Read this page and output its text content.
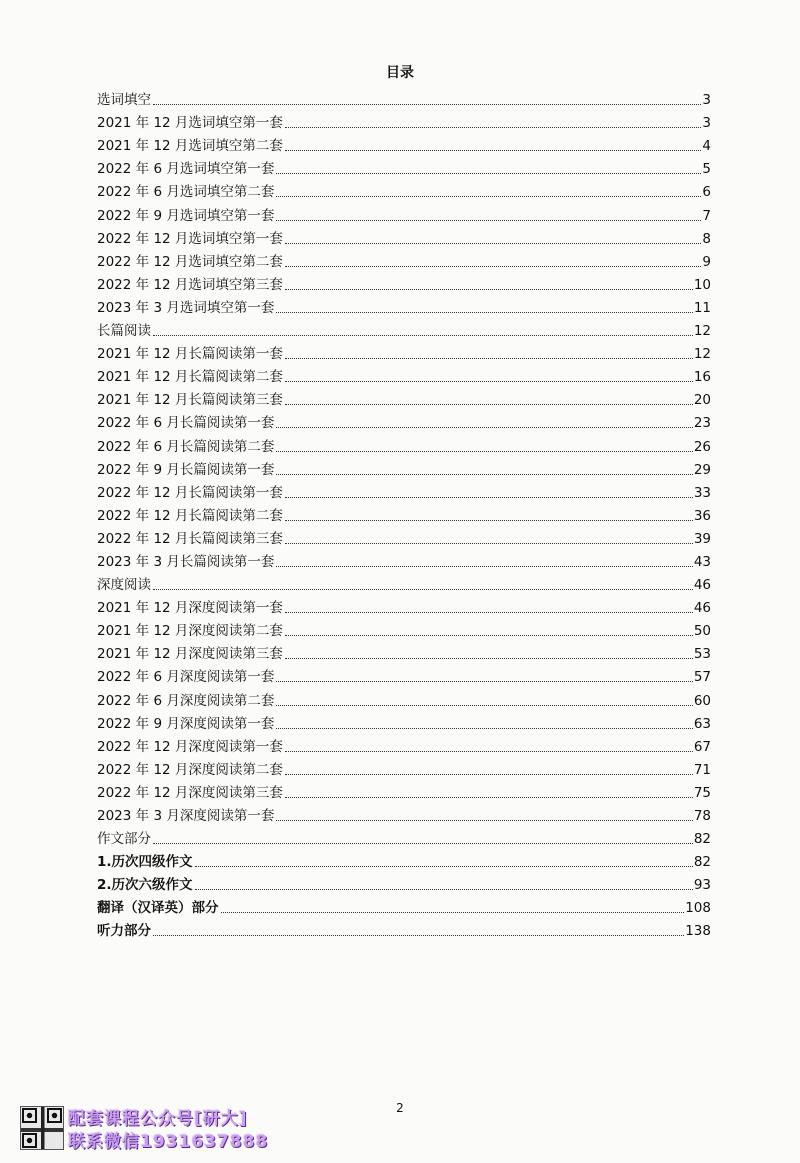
目录
选词填空	3
2021 年 12 月选词填空第一套	3
2021 年 12 月选词填空第二套	4
2022 年 6 月选词填空第一套	5
2022 年 6 月选词填空第二套	6
2022 年 9 月选词填空第一套	7
2022 年 12 月选词填空第一套	8
2022 年 12 月选词填空第二套	9
2022 年 12 月选词填空第三套	10
2023 年 3 月选词填空第一套	11
长篇阅读	12
2021 年 12 月长篇阅读第一套	12
2021 年 12 月长篇阅读第二套	16
2021 年 12 月长篇阅读第三套	20
2022 年 6 月长篇阅读第一套	23
2022 年 6 月长篇阅读第二套	26
2022 年 9 月长篇阅读第一套	29
2022 年 12 月长篇阅读第一套	33
2022 年 12 月长篇阅读第二套	36
2022 年 12 月长篇阅读第三套	39
2023 年 3 月长篇阅读第一套	43
深度阅读	46
2021 年 12 月深度阅读第一套	46
2021 年 12 月深度阅读第二套	50
2021 年 12 月深度阅读第三套	53
2022 年 6 月深度阅读第一套	57
2022 年 6 月深度阅读第二套	60
2022 年 9 月深度阅读第一套	63
2022 年 12 月深度阅读第一套	67
2022 年 12 月深度阅读第二套	71
2022 年 12 月深度阅读第三套	75
2023 年 3 月深度阅读第一套	78
作文部分	82
1.历次四级作文	82
2.历次六级作文	93
翻译（汉译英）部分	108
听力部分	138
2
配套课程公众号[研大]
联系微信1931637888
